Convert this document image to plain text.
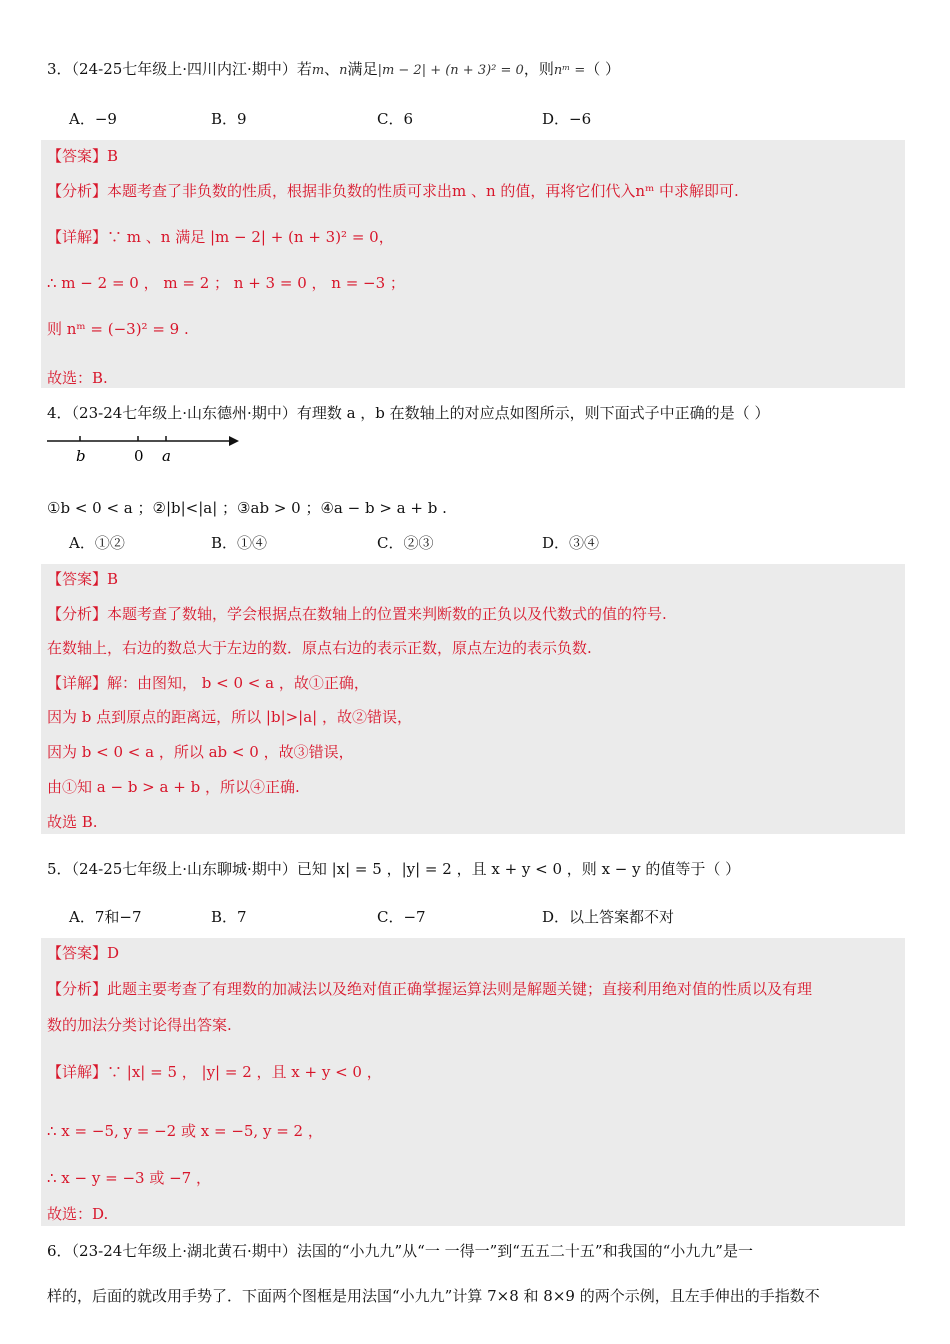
3．（24-25七年级上·四川内江·期中）若m、n满足|m − 2| + (n + 3)² = 0，则nᵐ =（ ）
A．−9	B．9	C．6	D．−6
【答案】B
【分析】本题考查了非负数的性质，根据非负数的性质可求出m 、n 的值，再将它们代入nᵐ 中求解即可.
【详解】∵ m 、n 满足 |m − 2| + (n + 3)² = 0，
∴ m − 2 = 0 ， m = 2 ； n + 3 = 0 ， n = −3 ；
则 nᵐ = (−3)² = 9 .
故选：B.
4．（23-24七年级上·山东德州·期中）有理数 a ，b 在数轴上的对应点如图所示，则下面式子中正确的是（ ）
b	0 a
①b < 0 < a ；②|b|<|a| ；③ab > 0 ；④a − b > a + b .
A．①②	B．①④	C．②③	D．③④
【答案】B
【分析】本题考查了数轴，学会根据点在数轴上的位置来判断数的正负以及代数式的值的符号.
在数轴上，右边的数总大于左边的数．原点右边的表示正数，原点左边的表示负数.
【详解】解：由图知， b < 0 < a ，故①正确，
因为 b 点到原点的距离远，所以 |b|>|a| ，故②错误，
因为 b < 0 < a ，所以 ab < 0 ，故③错误，
由①知 a − b > a + b ，所以④正确.
故选 B.
5．（24-25七年级上·山东聊城·期中）已知 |x| = 5 ，|y| = 2 ，且 x + y < 0 ，则 x − y 的值等于（ ）
A．7和−7	B．7	C．−7	D．以上答案都不对
【答案】D
【分析】此题主要考查了有理数的加减法以及绝对值正确掌握运算法则是解题关键；直接利用绝对值的性质以及有理
数的加法分类讨论得出答案.
【详解】∵ |x| = 5 ， |y| = 2 ，且 x + y < 0 ，
∴ x = −5, y = −2 或 x = −5, y = 2 ，
∴ x − y = −3 或 −7 ，
故选：D.
6．（23-24七年级上·湖北黄石·期中）法国的“小九九”从“一 一得一”到“五五二十五”和我国的“小九九”是一
样的，后面的就改用手势了．下面两个图框是用法国“小九九”计算 7×8 和 8×9 的两个示例，且左手伸出的手指数不
